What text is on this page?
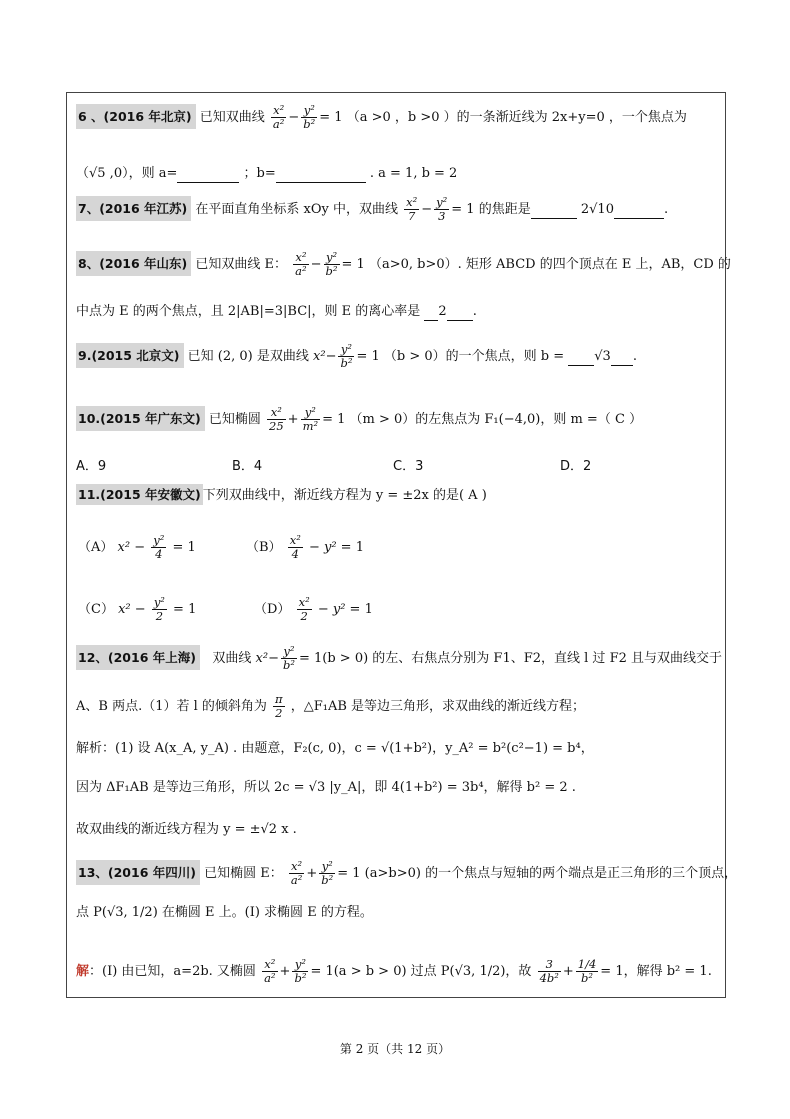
6 、(2016 年北京) 已知双曲线 $\frac{\text{x²}}{\text{a²}} - \frac{\text{y²}}{\text{b²}} = 1$ （a >0 ，b >0 ）的一条渐近线为 2x+y=0 ，一个焦点为
（√5 ,0），则 a=	；b=	. a = 1, b = 2
7、(2016 年江苏) 在平面直角坐标系 xOy 中，双曲线 $\frac{\text{x²}}{7} - \frac{\text{y²}}{3} = 1$ 的焦距是	2√10	.
8、(2016 年山东) 已知双曲线 E： $\frac{\text{x²}}{\text{a²}} - \frac{\text{y²}}{\text{b²}} = 1$ （a>0, b>0）. 矩形 ABCD 的四个顶点在 E 上，AB，CD 的
中点为 E 的两个焦点，且 2|AB|=3|BC|，则 E 的离心率是 2 .
9.(2015 北京文) 已知 (2, 0) 是双曲线 $x^2- \frac{\text{y²}}{\text{b²}} = 1$ （b > 0）的一个焦点，则 b = √3 .
10.(2015 年广东文) 已知椭圆 $\frac{\text{x²}}{25} + \frac{\text{y²}}{\text{m²}} = 1$ （m > 0）的左焦点为 F₁(−4,0)，则 m =（ C ）
A．9	B．4	C．3	D．2
11.(2015 年安徽文) 下列双曲线中，渐近线方程为 y = ±2x 的是( A )
（A） $x^2 - \frac{\text{y²}}{4} = 1$	$(B) \frac{\text{x²}}{4} - y^2 = 1$
（C） $x^2 - \frac{\text{y²}}{2} = 1$	$(D) \frac{\text{x²}}{2} - y^2 = 1$
12、(2016 年上海) 双曲线 $x^2- \frac{\text{y²}}{\text{b²}} = 1(b > 0)$ 的左、右焦点分别为 F1、F2，直线 l 过 F2 且与双曲线交于
A、B 两点.（1）若 l 的倾斜角为 $\frac{\pi}{2}$ ，△F₁AB 是等边三角形，求双曲线的渐近线方程；
解析：(1) 设 A(x_A, y_A) . 由题意，F₂(c, 0)，c = √(1+b²)，y_A² = b²(c²−1) = b⁴，
因为 ΔF₁AB 是等边三角形，所以 2c = √3 |y_A|，即 4(1+b²) = 3b⁴，解得 b² = 2 .
故双曲线的渐近线方程为 y = ±√2 x .
13、(2016 年四川) 已知椭圆 E： $\frac{\text{x²}}{\text{a²}} + \frac{\text{y²}}{\text{b²}} = 1$ (a>b>0) 的一个焦点与短轴的两个端点是正三角形的三个顶点，
点 P(√3, 1/2) 在椭圆 E 上。(Ⅰ) 求椭圆 E 的方程。
解：(Ⅰ) 由已知，a=2b. 又椭圆 $\frac{\text{x²}}{\text{a²}} + \frac{\text{y²}}{\text{b²}} = 1(a > b > 0)$ 过点 P(√3, 1/2)，故 $\frac{3}{\text{4b²}} + \frac{1/4}{\text{b²}} = 1$，解得 b² = 1.
第 2 页（共 12 页）
